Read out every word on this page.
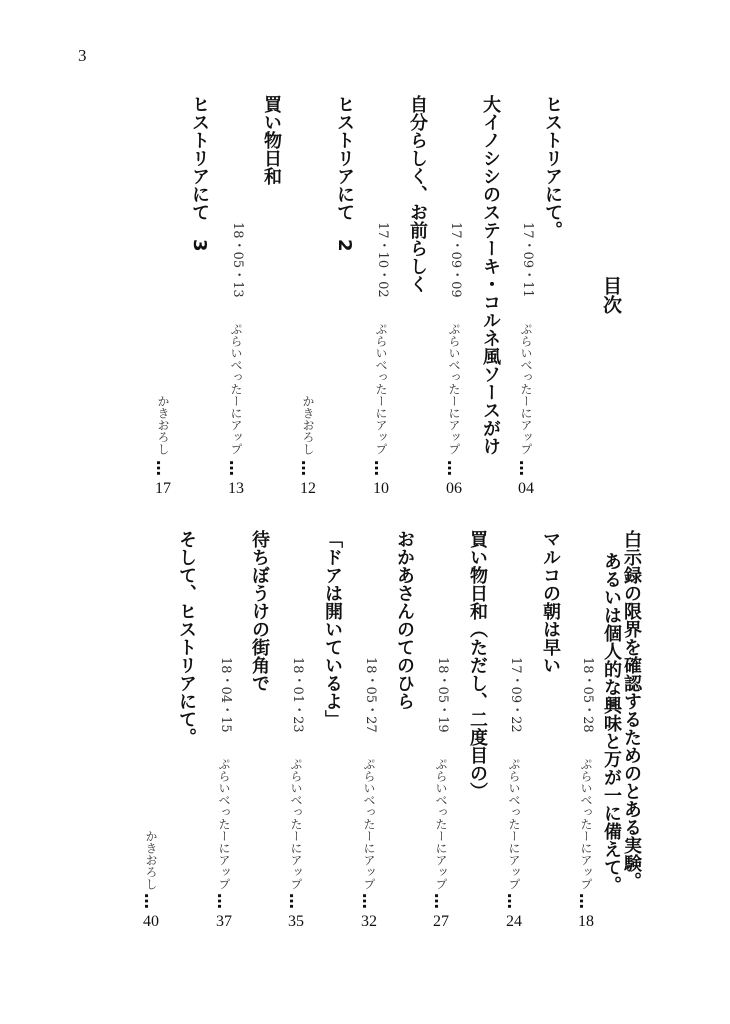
3
目次
ヒストリアにて。
17・09・11
ぷらいべったーにアップ
…
04
大イノシシのステーキ・コルネ風ソースがけ
17・09・09
ぷらいべったーにアップ
…
06
自分らしく、お前らしく
17・10・02
ぷらいべったーにアップ
…
10
ヒストリアにて　2
かきおろし
…
12
買い物日和
18・05・13
ぷらいべったーにアップ
…
13
ヒストリアにて　3
かきおろし
…
17
白示録の限界を確認するためのとある実験。
あるいは個人的な興味と万が一に備えて。
18・05・28
ぷらいべったーにアップ
…
18
マルコの朝は早い
17・09・22
ぷらいべったーにアップ
…
24
買い物日和（ただし、二度目の）
18・05・19
ぷらいべったーにアップ
…
27
おかあさんのてのひら
18・05・27
ぷらいべったーにアップ
…
32
「ドアは開いているよ」
18・01・23
ぷらいべったーにアップ
…
35
待ちぼうけの街角で
18・04・15
ぷらいべったーにアップ
…
37
そして、ヒストリアにて。
かきおろし
…
40
